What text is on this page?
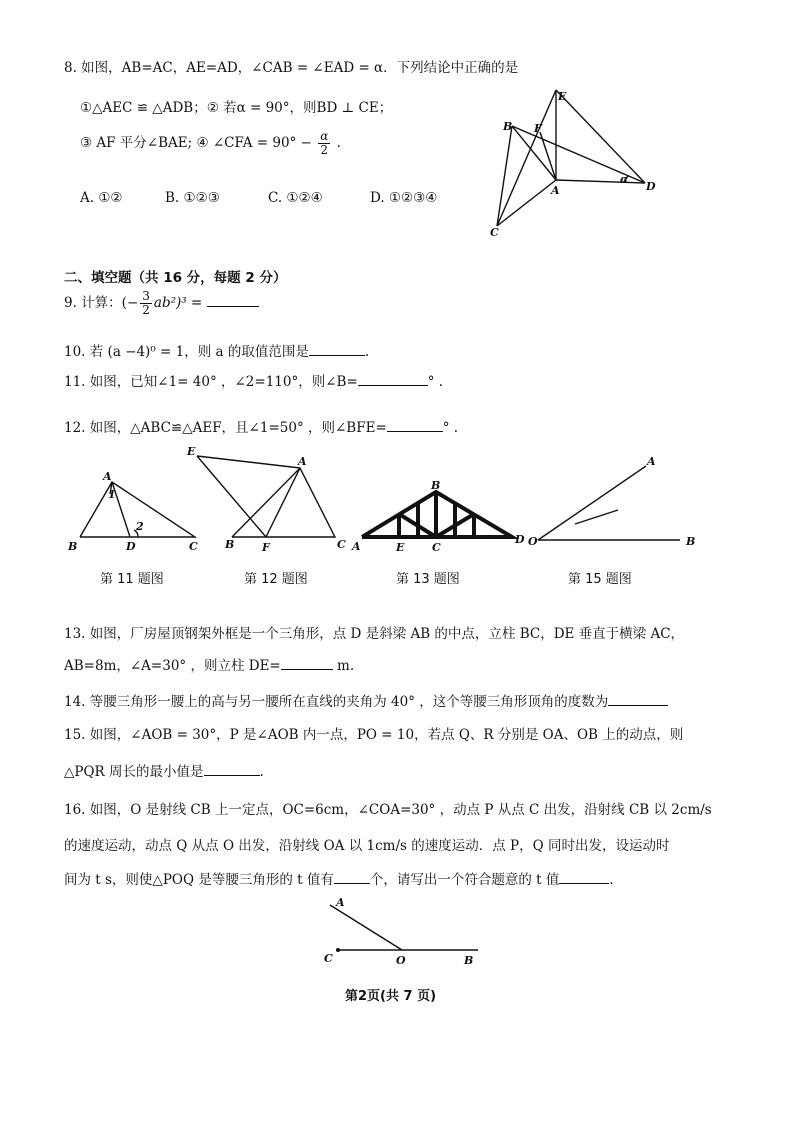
8. 如图，AB=AC，AE=AD，∠CAB = ∠EAD = α．下列结论中正确的是
①△AEC ≌ △ADB；② 若α = 90°，则BD ⊥ CE；
③ AF 平分∠BAE; ④ ∠CFA = $90^\circ - \frac{\alpha}{2}$ .
A. ①②	B. ①②③	C. ①②④	D. ①②③④
E
B F
A
α
D
C
二、填空题（共 16 分，每题 2 分）
9. 计算：(− $\frac{3}{2} ab^2)^3$ =
10. 若 (a −4)⁰ = 1，则 a 的取值范围是	.
11. 如图，已知∠1= 40° ，∠2=110°，则∠B=	° .
12. 如图，△ABC≌△AEF，且∠1=50° ，则∠BFE=	° .
A
B	D	C
1
2
E
A
B	F	C
B
A	E	C
D
A
O	B
第 11 题图	第 12 题图	第 13 题图	第 15 题图
13. 如图，厂房屋顶钢架外框是一个三角形，点 D 是斜梁 AB 的中点，立柱 BC，DE 垂直于横梁 AC，
AB=8m，∠A=30° ，则立柱 DE=	m.
14. 等腰三角形一腰上的高与另一腰所在直线的夹角为 40° ，这个等腰三角形顶角的度数为
15. 如图，∠AOB = 30°，P 是∠AOB 内一点，PO = 10，若点 Q、R 分别是 OA、OB 上的动点，则
△PQR 周长的最小值是	.
16. 如图，O 是射线 CB 上一定点，OC=6cm，∠COA=30° ，动点 P 从点 C 出发，沿射线 CB 以 2cm/s
的速度运动，动点 Q 从点 O 出发，沿射线 OA 以 1cm/s 的速度运动．点 P，Q 同时出发，设运动时
间为 t s，则使△POQ 是等腰三角形的 t 值有	个，请写出一个符合题意的 t 值	.
A
C	O	B
第2页(共 7 页)
